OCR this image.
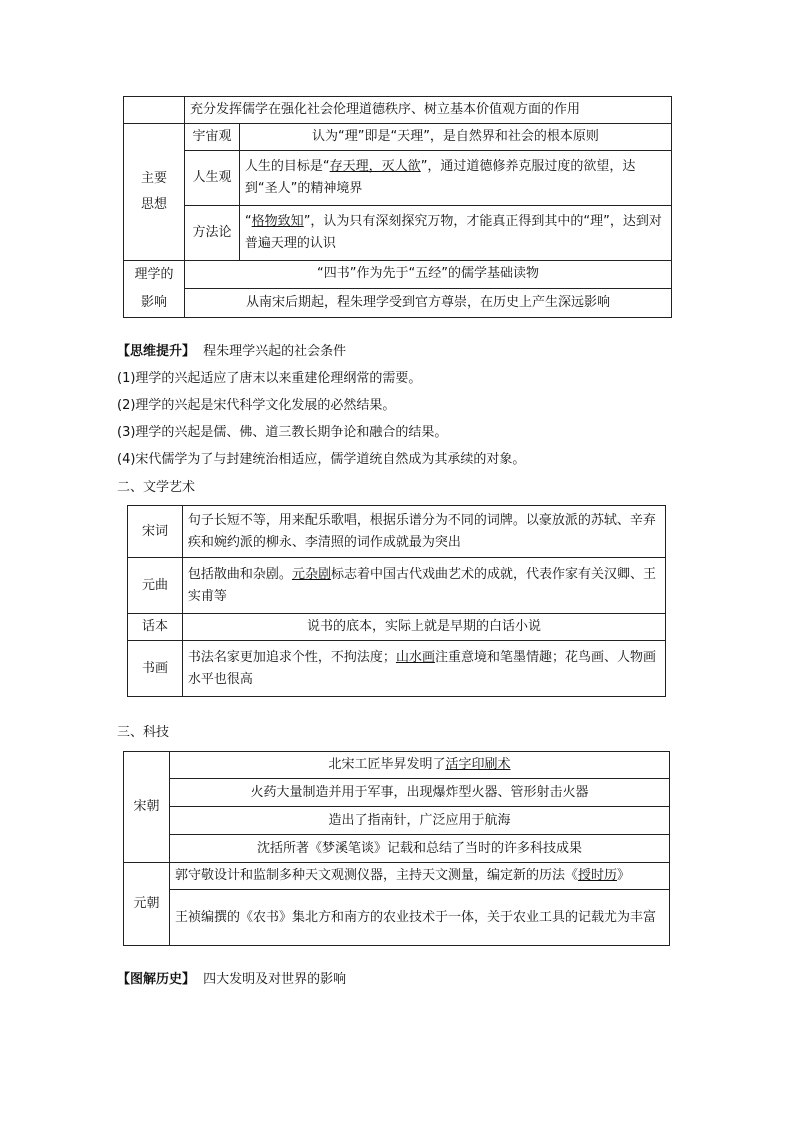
	充分发挥儒学在强化社会伦理道德秩序、树立基本价值观方面的作用	
主要思想	宇宙观	认为“理”即是“天理”，是自然界和社会的根本原则
	人生观	人生的目标是“存天理，灭人欲”，通过道德修养克服过度的欲望，达到“圣人”的精神境界
	方法论	“格物致知”，认为只有深刻探究万物，才能真正得到其中的“理”，达到对普遍天理的认识
理学的影响	“四书”作为先于“五经”的儒学基础读物	
	从南宋后期起，程朱理学受到官方尊崇，在历史上产生深远影响	
【思维提升】 程朱理学兴起的社会条件
(1)理学的兴起适应了唐末以来重建伦理纲常的需要。
(2)理学的兴起是宋代科学文化发展的必然结果。
(3)理学的兴起是儒、佛、道三教长期争论和融合的结果。
(4)宋代儒学为了与封建统治相适应，儒学道统自然成为其承续的对象。
二、文学艺术
宋词	句子长短不等，用来配乐歌唱，根据乐谱分为不同的词牌。以豪放派的苏轼、辛弃疾和婉约派的柳永、李清照的词作成就最为突出
元曲	包括散曲和杂剧。元杂剧标志着中国古代戏曲艺术的成就，代表作家有关汉卿、王实甫等
话本	说书的底本，实际上就是早期的白话小说
书画	书法名家更加追求个性，不拘法度；山水画注重意境和笔墨情趣；花鸟画、人物画水平也很高
三、科技
宋朝	北宋工匠毕昇发明了活字印刷术
	火药大量制造并用于军事，出现爆炸型火器、管形射击火器
	造出了指南针，广泛应用于航海
	沈括所著《梦溪笔谈》记载和总结了当时的许多科技成果
元朝	郭守敬设计和监制多种天文观测仪器，主持天文测量，编定新的历法《授时历》
	王祯编撰的《农书》集北方和南方的农业技术于一体，关于农业工具的记载尤为丰富
【图解历史】 四大发明及对世界的影响
